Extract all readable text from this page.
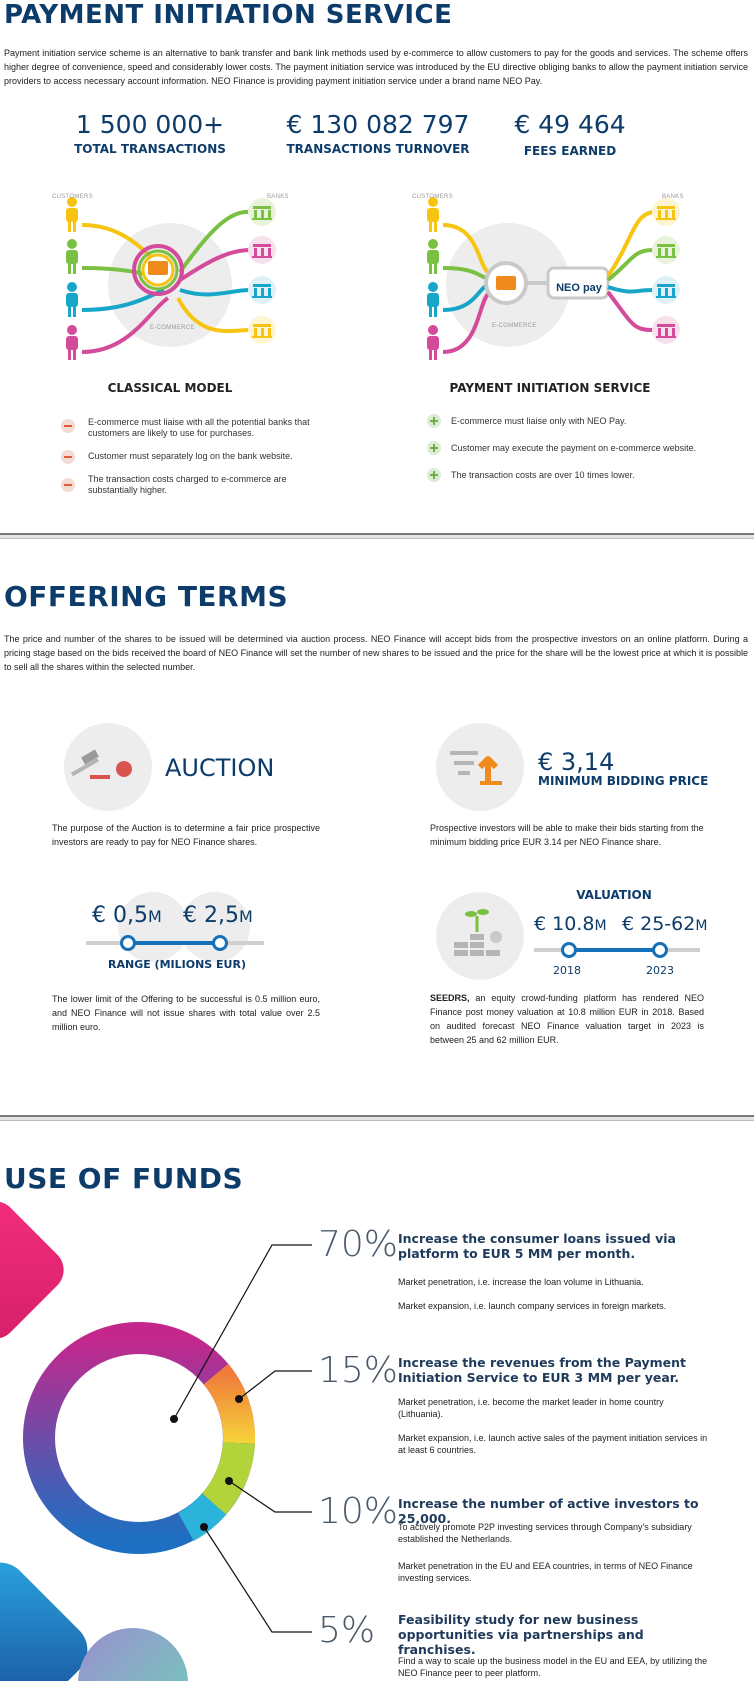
PAYMENT INITIATION SERVICE
Payment initiation service scheme is an alternative to bank transfer and bank link methods used by e-commerce to allow customers to pay for the goods and services. The scheme offers higher degree of convenience, speed and considerably lower costs. The payment initiation service was introduced by the EU directive obliging banks to allow the payment initiation service providers to access necessary account information. NEO Finance is providing payment initiation service under a brand name NEO Pay.
1 500 000+
TOTAL TRANSACTIONS
€ 130 082 797
TRANSACTIONS TURNOVER
€ 49 464
FEES EARNED
CUSTOMERS	BANKS
E-COMMERCE
CUSTOMERS	BANKS
E-COMMERCE
NEO pay
CLASSICAL MODEL	PAYMENT INITIATION SERVICE
E-commerce must liaise with all the potential banks that customers are likely to use for purchases.
Customer must separately log on the bank website.
The transaction costs charged to e-commerce are substantially higher.
E-commerce must liaise only with NEO Pay.
Customer may execute the payment on e-commerce website.
The transaction costs are over 10 times lower.
OFFERING TERMS
The price and number of the shares to be issued will be determined via auction process. NEO Finance will accept bids from the prospective investors on an online platform. During a pricing stage based on the bids received the board of NEO Finance will set the number of new shares to be issued and the price for the share will be the lowest price at which it is possible to sell all the shares within the selected number.
AUCTION
The purpose of the Auction is to determine a fair price prospective investors are ready to pay for NEO Finance shares.
€ 3,14
MINIMUM BIDDING PRICE
Prospective investors will be able to make their bids starting from the minimum bidding price EUR 3.14 per NEO Finance share.
€ 0,5M € 2,5M
RANGE (MILIONS EUR)
The lower limit of the Offering to be successful is 0.5 million euro, and NEO Finance will not issue shares with total value over 2.5 million euro.
VALUATION
€ 10.8M € 25-62M
2018	2023
SEEDRS, an equity crowd-funding platform has rendered NEO Finance post money valuation at 10.8 million EUR in 2018. Based on audited forecast NEO Finance valuation target in 2023 is between 25 and 62 million EUR.
USE OF FUNDS
70% Increase the consumer loans issued via platform to EUR 5 MM per month.
Market penetration, i.e. increase the loan volume in Lithuania.
Market expansion, i.e. launch company services in foreign markets.
15% Increase the revenues from the Payment Initiation Service to EUR 3 MM per year.
Market penetration, i.e. become the market leader in home country (Lithuania).
Market expansion, i.e. launch active sales of the payment initiation services in at least 6 countries.
10% Increase the number of active investors to 25,000.
To actively promote P2P investing services through Company’s subsidiary established the Netherlands.
Market penetration in the EU and EEA countries, in terms of NEO Finance investing services.
5% Feasibility study for new business opportunities via partnerships and franchises.
Find a way to scale up the business model in the EU and EEA, by utilizing the NEO Finance peer to peer platform.
